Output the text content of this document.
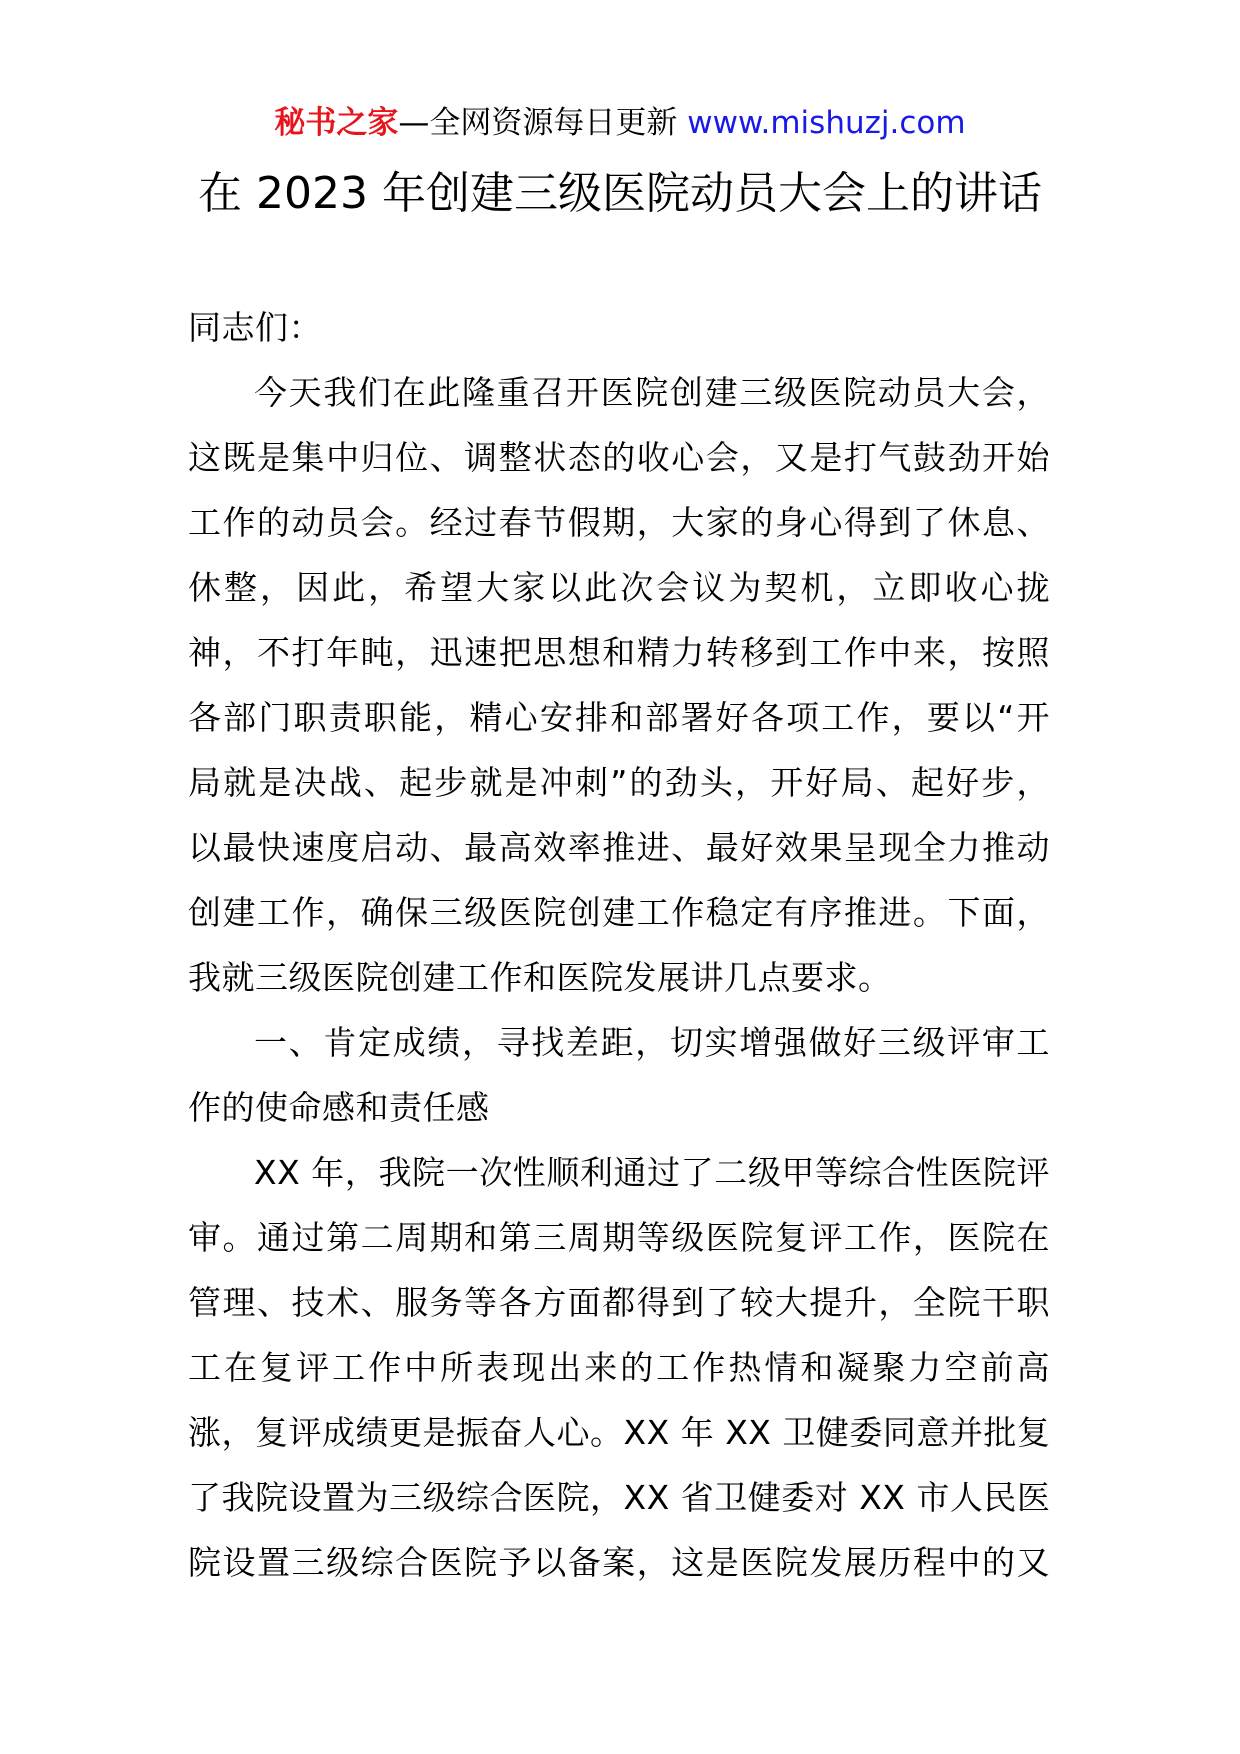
秘书之家—全网资源每日更新 www.mishuzj.com
在 2023 年创建三级医院动员大会上的讲话
同志们：
今天我们在此隆重召开医院创建三级医院动员大会，
这既是集中归位、调整状态的收心会，又是打气鼓劲开始
工作的动员会。经过春节假期，大家的身心得到了休息、
休整，因此，希望大家以此次会议为契机，立即收心拢
神，不打年盹，迅速把思想和精力转移到工作中来，按照
各部门职责职能，精心安排和部署好各项工作，要以“开
局就是决战、起步就是冲刺”的劲头，开好局、起好步，
以最快速度启动、最高效率推进、最好效果呈现全力推动
创建工作，确保三级医院创建工作稳定有序推进。下面，
我就三级医院创建工作和医院发展讲几点要求。
一、肯定成绩，寻找差距，切实增强做好三级评审工
作的使命感和责任感
XX 年，我院一次性顺利通过了二级甲等综合性医院评
审。通过第二周期和第三周期等级医院复评工作，医院在
管理、技术、服务等各方面都得到了较大提升，全院干职
工在复评工作中所表现出来的工作热情和凝聚力空前高
涨，复评成绩更是振奋人心。XX 年 XX 卫健委同意并批复
了我院设置为三级综合医院，XX 省卫健委对 XX 市人民医
院设置三级综合医院予以备案，这是医院发展历程中的又
